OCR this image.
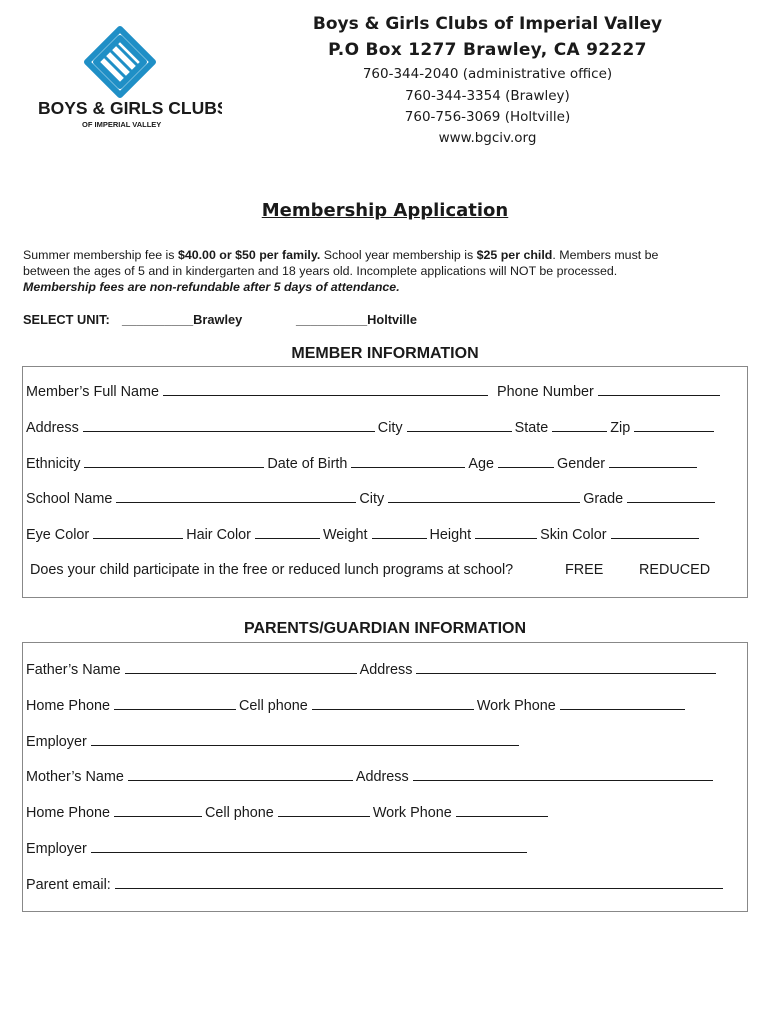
BOYS & GIRLS CLUBS
OF IMPERIAL VALLEY
Boys & Girls Clubs of Imperial Valley
P.O Box 1277 Brawley, CA 92227
760-344-2040 (administrative office)
760-344-3354 (Brawley)
760-756-3069 (Holtville)
www.bgciv.org
Membership Application
Summer membership fee is $40.00 or $50 per family. School year membership is $25 per child. Members must be
between the ages of 5 and in kindergarten and 18 years old. Incomplete applications will NOT be processed.
Membership fees are non-refundable after 5 days of attendance.
SELECT UNIT: __________Brawley	__________Holtville
MEMBER INFORMATION
Member’s Full Name	Phone Number
Address	City	State	Zip
Ethnicity	Date of Birth	Age	Gender
School Name	City	Grade
Eye Color	Hair Color	Weight	Height	Skin Color
Does your child participate in the free or reduced lunch programs at school?	FREE REDUCED
PARENTS/GUARDIAN INFORMATION
Father’s Name	Address
Home Phone	Cell phone	Work Phone
Employer
Mother’s Name	Address
Home Phone	Cell phone	Work Phone
Employer
Parent email:
